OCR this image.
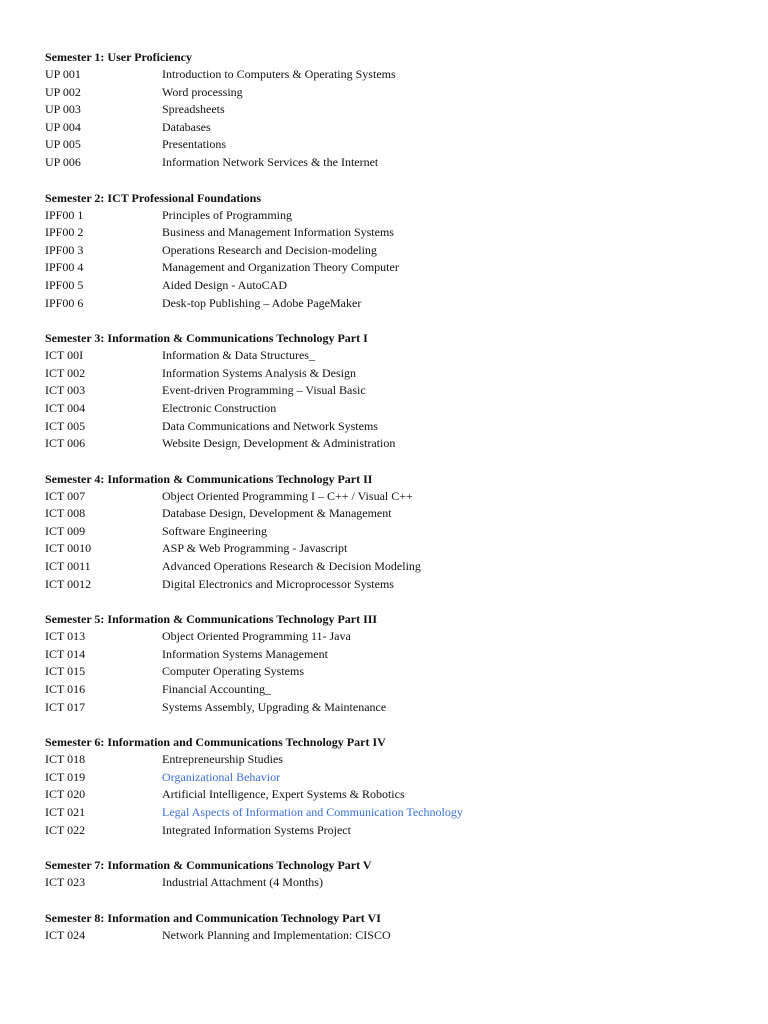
Semester 1: User Proficiency
UP 001	Introduction to Computers & Operating Systems
UP 002	Word processing
UP 003	Spreadsheets
UP 004	Databases
UP 005	Presentations
UP 006	Information Network Services & the Internet
Semester 2: ICT Professional Foundations
IPF00 1	Principles of Programming
IPF00 2	Business and Management Information Systems
IPF00 3	Operations Research and Decision-modeling
IPF00 4	Management and Organization Theory Computer
IPF00 5	Aided Design - AutoCAD
IPF00 6	Desk-top Publishing – Adobe PageMaker
Semester 3: Information & Communications Technology Part I
ICT 00I	Information & Data Structures_
ICT 002	Information Systems Analysis & Design
ICT 003	Event-driven Programming – Visual Basic
ICT 004	Electronic Construction
ICT 005	Data Communications and Network Systems
ICT 006	Website Design, Development & Administration
Semester 4: Information & Communications Technology Part II
ICT 007	Object Oriented Programming I – C++ / Visual C++
ICT 008	Database Design, Development & Management
ICT 009	Software Engineering
ICT 0010	ASP & Web Programming - Javascript
ICT 0011	Advanced Operations Research & Decision Modeling
ICT 0012	Digital Electronics and Microprocessor Systems
Semester 5: Information & Communications Technology Part III
ICT 013	Object Oriented Programming 11- Java
ICT 014	Information Systems Management
ICT 015	Computer Operating Systems
ICT 016	Financial Accounting_
ICT 017	Systems Assembly, Upgrading & Maintenance
Semester 6: Information and Communications Technology Part IV
ICT 018	Entrepreneurship Studies
ICT 019	Organizational Behavior
ICT 020	Artificial Intelligence, Expert Systems & Robotics
ICT 021	Legal Aspects of Information and Communication Technology
ICT 022	Integrated Information Systems Project
Semester 7: Information & Communications Technology Part V
ICT 023	Industrial Attachment (4 Months)
Semester 8: Information and Communication Technology Part VI
ICT 024	Network Planning and Implementation: CISCO
